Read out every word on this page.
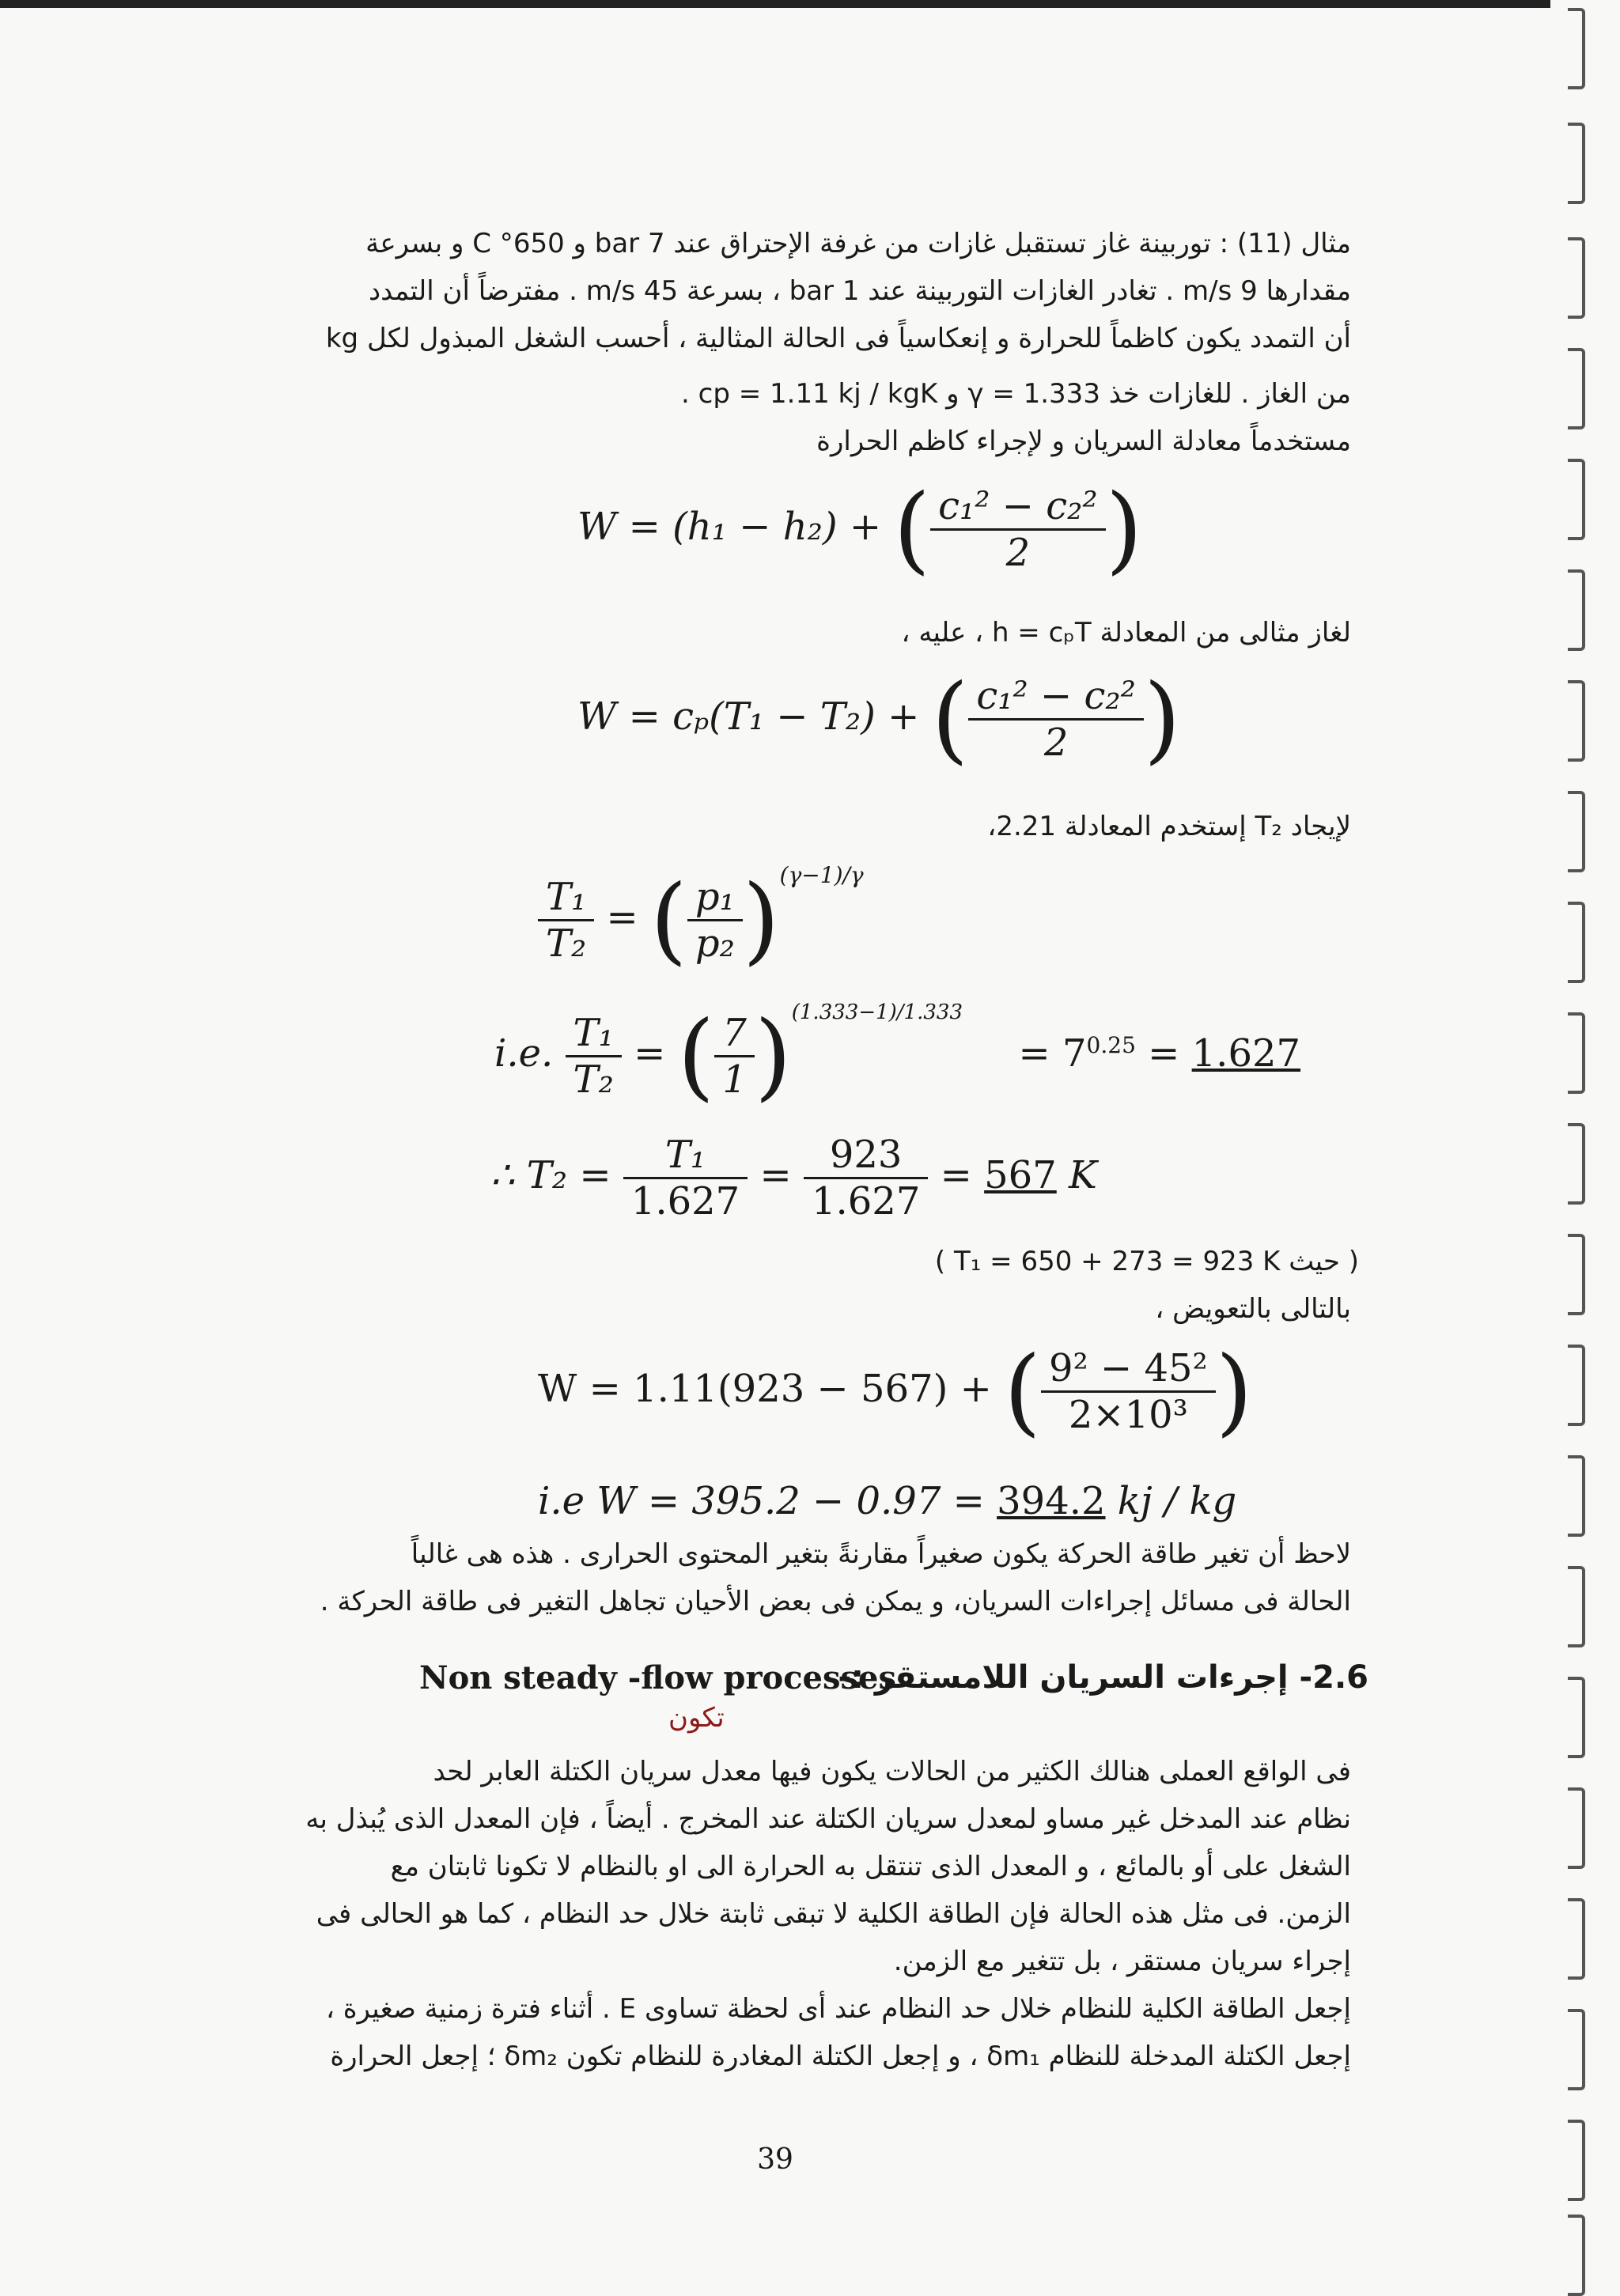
مثال (11) : توربينة غاز تستقبل غازات من غرفة الإحتراق عند 7 bar و 650° C و بسرعة
مقدارها 9 m/s . تغادر الغازات التوربينة عند 1 bar ، بسرعة 45 m/s . مفترضاً أن التمدد
أن التمدد يكون كاظماً للحرارة و إنعكاسياً فى الحالة المثالية ، أحسب الشغل المبذول لكل kg
من الغاز . للغازات خذ γ = 1.333 و cp = 1.11 kj / kgK .
مستخدماً معادلة السريان و لإجراء كاظم الحرارة
W = (h₁ − h₂) + ( $\frac{\text{c₁² − c₂²}}{2}$ )
لغاز مثالى من المعادلة h = cₚT ، عليه ،
W = cₚ(T₁ − T₂) + ( $\frac{\text{c₁² − c₂²}}{2}$ )
لإيجاد T₂ إستخدم المعادلة 2.21،
$\frac{\text{T₁}}{\text{T₂}}$ = ( $\frac{\text{p₁}}{\text{p₂}} )^{(\gamma-1)/\gamma}$
i.e. $\frac{\text{T₁}}{\text{T₂}}$ = ( $\frac{7}{1} )^{(1.333-1)/1.333} = 7^{0.25} = 1.627$
∴ $T_2 = \frac{\text{T₁}}{1.627} = \frac{923}{1.627} = 567$ K
( حيث T₁ = 650 + 273 = 923 K )
بالتالى بالتعويض ،
W = 1.11(923 − 567) + ( $\frac{\text{9² − 45²}}{\text{2×10³}}$ )
i.e W = 395.2 − 0.97 = 394.2 kj / kg
لاحظ أن تغير طاقة الحركة يكون صغيراً مقارنةً بتغير المحتوى الحرارى . هذه هى غالباً
الحالة فى مسائل إجراءات السريان، و يمكن فى بعض الأحيان تجاهل التغير فى طاقة الحركة .
Non steady -flow processes
2.6- إجرءات السريان اللامستقر :-
تكون
فى الواقع العملى هنالك الكثير من الحالات يكون فيها معدل سريان الكتلة العابر لحد
نظام عند المدخل غير مساو لمعدل سريان الكتلة عند المخرج . أيضاً ، فإن المعدل الذى يُبذل به
الشغل على أو بالمائع ، و المعدل الذى تنتقل به الحرارة الى او بالنظام لا تكونا ثابتان مع
الزمن. فى مثل هذه الحالة فإن الطاقة الكلية لا تبقى ثابتة خلال حد النظام ، كما هو الحالى فى
إجراء سريان مستقر ، بل تتغير مع الزمن.
إجعل الطاقة الكلية للنظام خلال حد النظام عند أى لحظة تساوى E . أثناء فترة زمنية صغيرة ،
إجعل الكتلة المدخلة للنظام δm₁ ، و إجعل الكتلة المغادرة للنظام تكون δm₂ ؛ إجعل الحرارة
39
